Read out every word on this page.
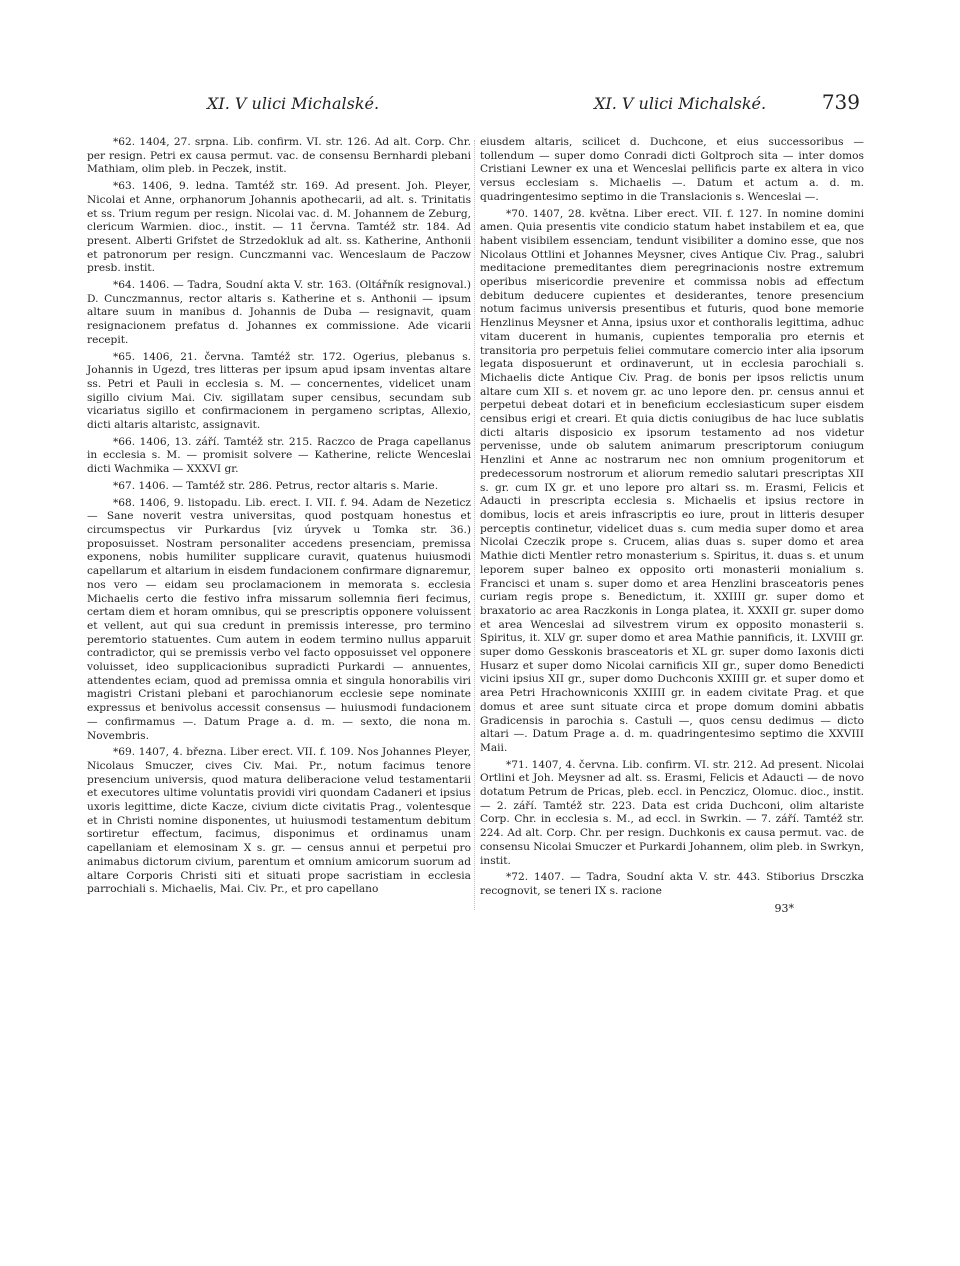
XI. V ulici Michalské.	XI. V ulici Michalské.	739

*62. 1404, 27. srpna. Lib. confirm. VI. str. 126. Ad alt. Corp. Chr. per resign. Petri ex causa permut. vac. de consensu Bernhardi plebani Mathiam, olim pleb. in Peczek, instit.

*63. 1406, 9. ledna. Tamtéž str. 169. Ad present. Joh. Pleyer, Nicolai et Anne, orphanorum Johannis apothecarii, ad alt. s. Trinitatis et ss. Trium regum per resign. Nicolai vac. d. M. Johannem de Zeburg, clericum Warmien. dioc., instit. — 11 června. Tamtéž str. 184. Ad present. Alberti Grifstet de Strzedokluk ad alt. ss. Katherine, Anthonii et patronorum per resign. Cunczmanni vac. Wenceslaum de Paczow presb. instit.

*64. 1406. — Tadra, Soudní akta V. str. 163. (Oltářník resignoval.) D. Cunczmannus, rector altaris s. Katherine et s. Anthonii — ipsum altare suum in manibus d. Johannis de Duba — resignavit, quam resignacionem prefatus d. Johannes ex commissione. Ade vicarii recepit.

*65. 1406, 21. června. Tamtéž str. 172. Ogerius, plebanus s. Johannis in Ugezd, tres litteras per ipsum apud ipsam inventas altare ss. Petri et Pauli in ecclesia s. M. — concernentes, videlicet unam sigillo civium Mai. Civ. sigillatam super censibus, secundam sub vicariatus sigillo et confirmacionem in pergameno scriptas, Allexio, dicti altaris altaristc, assignavit.

*66. 1406, 13. září. Tamtéž str. 215. Raczco de Praga capellanus in ecclesia s. M. — promisit solvere — Katherine, relicte Wenceslai dicti Wachmika — XXXVI gr.

*67. 1406. — Tamtéž str. 286. Petrus, rector altaris s. Marie.

*68. 1406, 9. listopadu. Lib. erect. I. VII. f. 94. Adam de Nezeticz — Sane noverit vestra universitas, quod postquam honestus et circumspectus vir Purkardus [viz úryvek u Tomka str. 36.) proposuisset. Nostram personaliter accedens presenciam, premissa exponens, nobis humiliter supplicare curavit, quatenus huiusmodi capellarum et altarium in eisdem fundacionem confirmare dignaremur, nos vero — eidam seu proclamacionem in memorata s. ecclesia Michaelis certo die festivo infra missarum sollemnia fieri fecimus, certam diem et horam omnibus, qui se prescriptis opponere voluissent et vellent, aut qui sua credunt in premissis interesse, pro termino peremtorio statuentes. Cum autem in eodem termino nullus apparuit contradictor, qui se premissis verbo vel facto opposuisset vel opponere voluisset, ideo supplicacionibus supradicti Purkardi — annuentes, attendentes eciam, quod ad premissa omnia et singula honorabilis viri magistri Cristani plebani et parochianorum ecclesie sepe nominate expressus et benivolus accessit consensus — huiusmodi fundacionem — confirmamus —. Datum Prage a. d. m. — sexto, die nona m. Novembris.

*69. 1407, 4. března. Liber erect. VII. f. 109. Nos Johannes Pleyer, Nicolaus Smuczer, cives Civ. Mai. Pr., notum facimus tenore presencium universis, quod matura deliberacione velud testamentarii et executores ultime voluntatis providi viri quondam Cadaneri et ipsius uxoris legittime, dicte Kacze, civium dicte civitatis Prag., volentesque et in Christi nomine disponentes, ut huiusmodi testamentum debitum sortiretur effectum, facimus, disponimus et ordinamus unam capellaniam et elemosinam X s. gr. — census annui et perpetui pro animabus dictorum civium, parentum et omnium amicorum suorum ad altare Corporis Christi siti et situati prope sacristiam in ecclesia parrochiali s. Michaelis, Mai. Civ. Pr., et pro capellano

eiusdem altaris, scilicet d. Duchcone, et eius successoribus — tollendum — super domo Conradi dicti Goltproch sita — inter domos Cristiani Lewner ex una et Wenceslai pellificis parte ex altera in vico versus ecclesiam s. Michaelis —. Datum et actum a. d. m. quadringentesimo septimo in die Translacionis s. Wenceslai —.

*70. 1407, 28. května. Liber erect. VII. f. 127. In nomine domini amen. Quia presentis vite condicio statum habet instabilem et ea, que habent visibilem essenciam, tendunt visibiliter a domino esse, que nos Nicolaus Ottlini et Johannes Meysner, cives Antique Civ. Prag., salubri meditacione premeditantes diem peregrinacionis nostre extremum operibus misericordie prevenire et commissa nobis ad effectum debitum deducere cupientes et desiderantes, tenore presencium notum facimus universis presentibus et futuris, quod bone memorie Henzlinus Meysner et Anna, ipsius uxor et conthoralis legittima, adhuc vitam ducerent in humanis, cupientes temporalia pro eternis et transitoria pro perpetuis feliei commutare comercio inter alia ipsorum legata disposuerunt et ordinaverunt, ut in ecclesia parochiali s. Michaelis dicte Antique Civ. Prag. de bonis per ipsos relictis unum altare cum XII s. et novem gr. ac uno lepore den. pr. census annui et perpetui debeat dotari et in beneficium ecclesiasticum super eisdem censibus erigi et creari. Et quia dictis coniugibus de hac luce sublatis dicti altaris disposicio ex ipsorum testamento ad nos videtur pervenisse, unde ob salutem animarum prescriptorum coniugum Henzlini et Anne ac nostrarum nec non omnium progenitorum et predecessorum nostrorum et aliorum remedio salutari prescriptas XII s. gr. cum IX gr. et uno lepore pro altari ss. m. Erasmi, Felicis et Adaucti in prescripta ecclesia s. Michaelis et ipsius rectore in domibus, locis et areis infrascriptis eo iure, prout in litteris desuper perceptis continetur, videlicet duas s. cum media super domo et area Nicolai Czeczik prope s. Crucem, alias duas s. super domo et area Mathie dicti Mentler retro monasterium s. Spiritus, it. duas s. et unum leporem super balneo ex opposito orti monasterii monialium s. Francisci et unam s. super domo et area Henzlini brasceatoris penes curiam regis prope s. Benedictum, it. XXIIII gr. super domo et braxatorio ac area Raczkonis in Longa platea, it. XXXII gr. super domo et area Wenceslai ad silvestrem virum ex opposito monasterii s. Spiritus, it. XLV gr. super domo et area Mathie pannificis, it. LXVIII gr. super domo Gesskonis brasceatoris et XL gr. super domo Iaxonis dicti Husarz et super domo Nicolai carnificis XII gr., super domo Benedicti vicini ipsius XII gr., super domo Duchconis XXIIII gr. et super domo et area Petri Hrachowniconis XXIIII gr. in eadem civitate Prag. et que domus et aree sunt situate circa et prope domum domini abbatis Gradicensis in parochia s. Castuli —, quos censu dedimus — dicto altari —. Datum Prage a. d. m. quadringentesimo septimo die XXVIII Maii.

*71. 1407, 4. června. Lib. confirm. VI. str. 212. Ad present. Nicolai Ortlini et Joh. Meysner ad alt. ss. Erasmi, Felicis et Adaucti — de novo dotatum Petrum de Pricas, pleb. eccl. in Penczicz, Olomuc. dioc., instit. — 2. září. Tamtéž str. 223. Data est crida Duchconi, olim altariste Corp. Chr. in ecclesia s. M., ad eccl. in Swrkin. — 7. září. Tamtéž str. 224. Ad alt. Corp. Chr. per resign. Duchkonis ex causa permut. vac. de consensu Nicolai Smuczer et Purkardi Johannem, olim pleb. in Swrkyn, instit.

*72. 1407. — Tadra, Soudní akta V. str. 443. Stiborius Drsczka recognovit, se teneri IX s. racione

93*
